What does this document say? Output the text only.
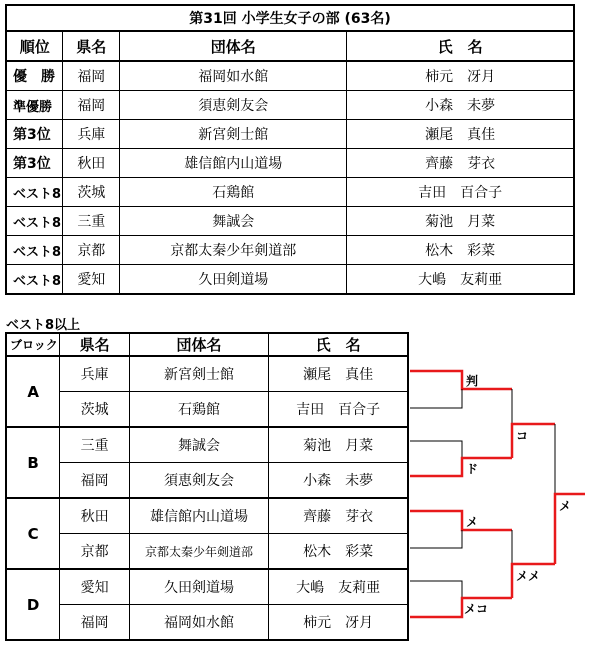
第31回 小学生女子の部 (63名)			
順位	県名	団体名	氏　名
優　勝	福岡	福岡如水館	柿元　冴月
準優勝	福岡	須恵剣友会	小森　未夢
第3位	兵庫	新宮剣士館	瀬尾　真佳
第3位	秋田	雄信館内山道場	齊藤　芽衣
ベスト8	茨城	石鶏館	吉田　百合子
ベスト8	三重	舞誠会	菊池　月菜
ベスト8	京都	京都太秦少年剣道部	松木　彩菜
ベスト8	愛知	久田剣道場	大嶋　友莉亜
ベスト8以上
ブロック	県名	団体名	氏　名
A	兵庫	新宮剣士館	瀬尾　真佳
	茨城	石鶏館	吉田　百合子
B	三重	舞誠会	菊池　月菜
	福岡	須恵剣友会	小森　未夢
C	秋田	雄信館内山道場	齊藤　芽衣
	京都	京都太秦少年剣道部	松木　彩菜
D	愛知	久田剣道場	大嶋　友莉亜
	福岡	福岡如水館	柿元　冴月
判
ド
メ
メコ
コ
メメ
メ
